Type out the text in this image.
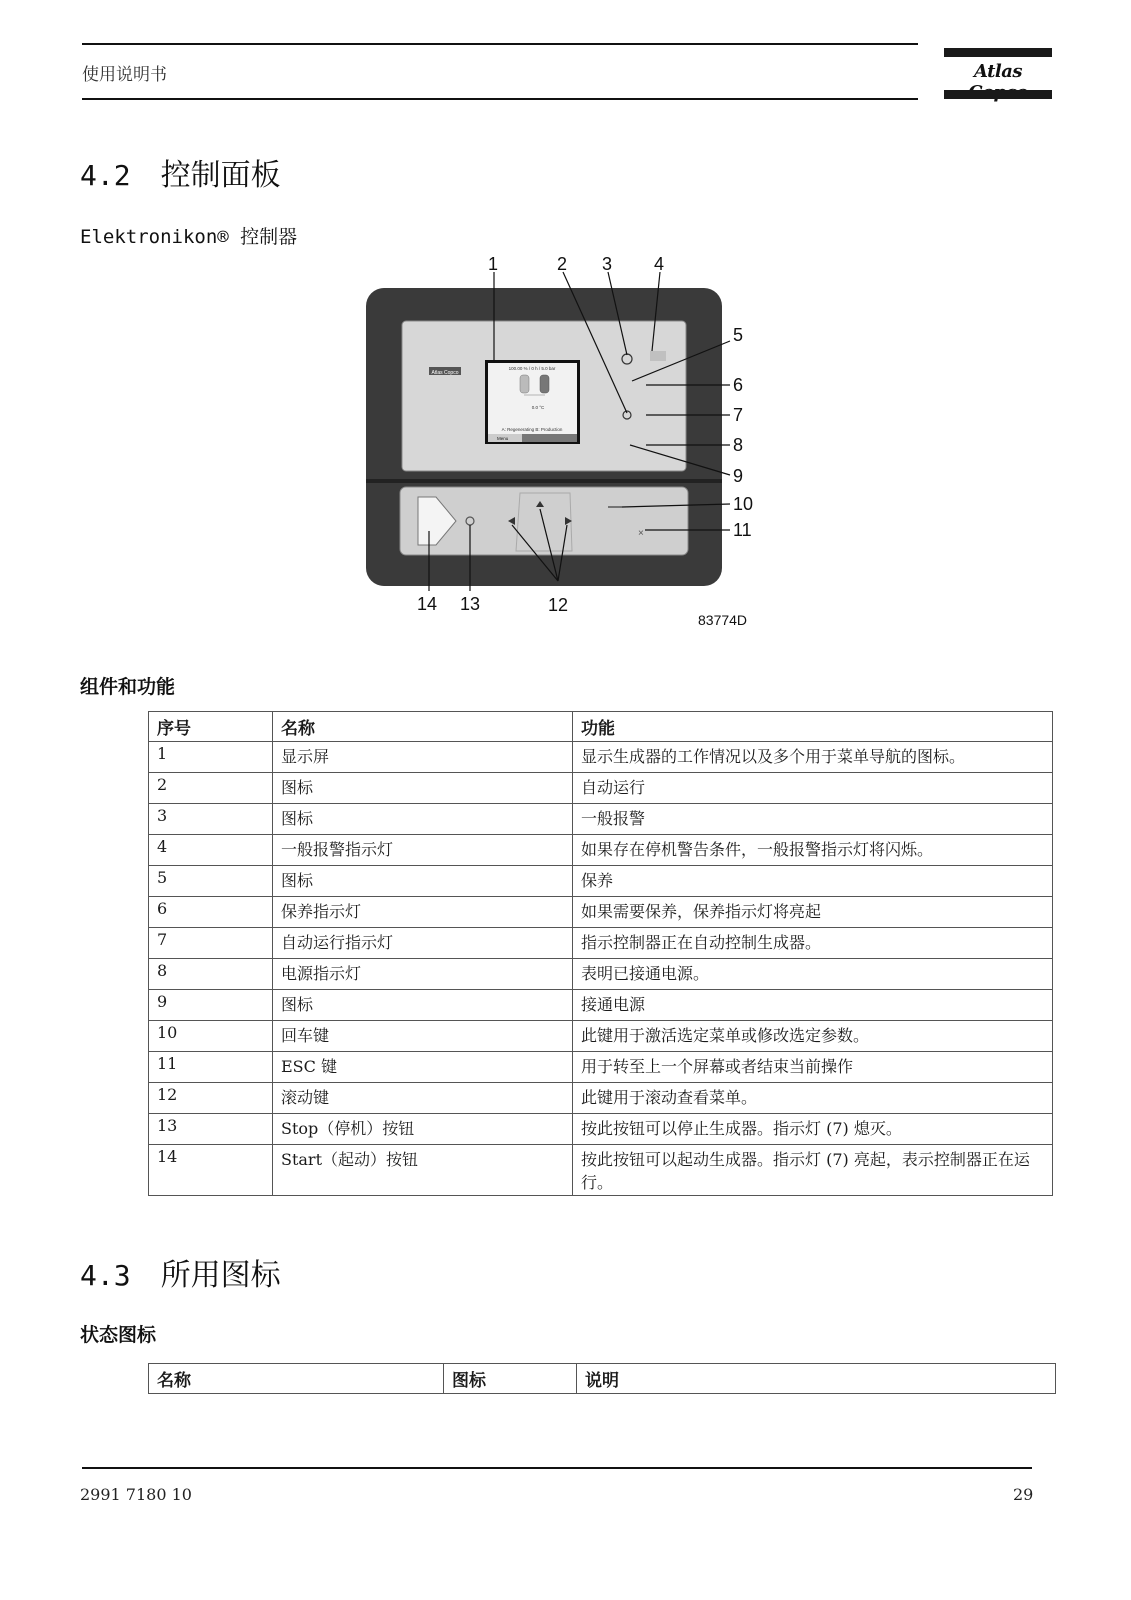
使用说明书	Atlas
4.2 控制面板
Elektronikon® 控制器
Atlas Copco
100.00 % / 0 h / 5.0 bar
0.0 °C
A: Regenerating B: Production
Menu
×
1	2 3 4
5
6
7
8
9
10
11
12
13
14
83774D
组件和功能
序号	名称	功能
1	显示屏	显示生成器的工作情况以及多个用于菜单导航的图标。
2	图标	自动运行
3	图标	一般报警
4	一般报警指示灯	如果存在停机警告条件，一般报警指示灯将闪烁。
5	图标	保养
6	保养指示灯	如果需要保养，保养指示灯将亮起
7	自动运行指示灯	指示控制器正在自动控制生成器。
8	电源指示灯	表明已接通电源。
9	图标	接通电源
10	回车键	此键用于激活选定菜单或修改选定参数。
11	ESC 键	用于转至上一个屏幕或者结束当前操作
12	滚动键	此键用于滚动查看菜单。
13	Stop（停机）按钮	按此按钮可以停止生成器。指示灯 (7) 熄灭。
14	Start（起动）按钮	按此按钮可以起动生成器。指示灯 (7) 亮起，表示控制器正在运行。
4.3 所用图标
状态图标
名称	图标	说明
2991 7180 10	29
